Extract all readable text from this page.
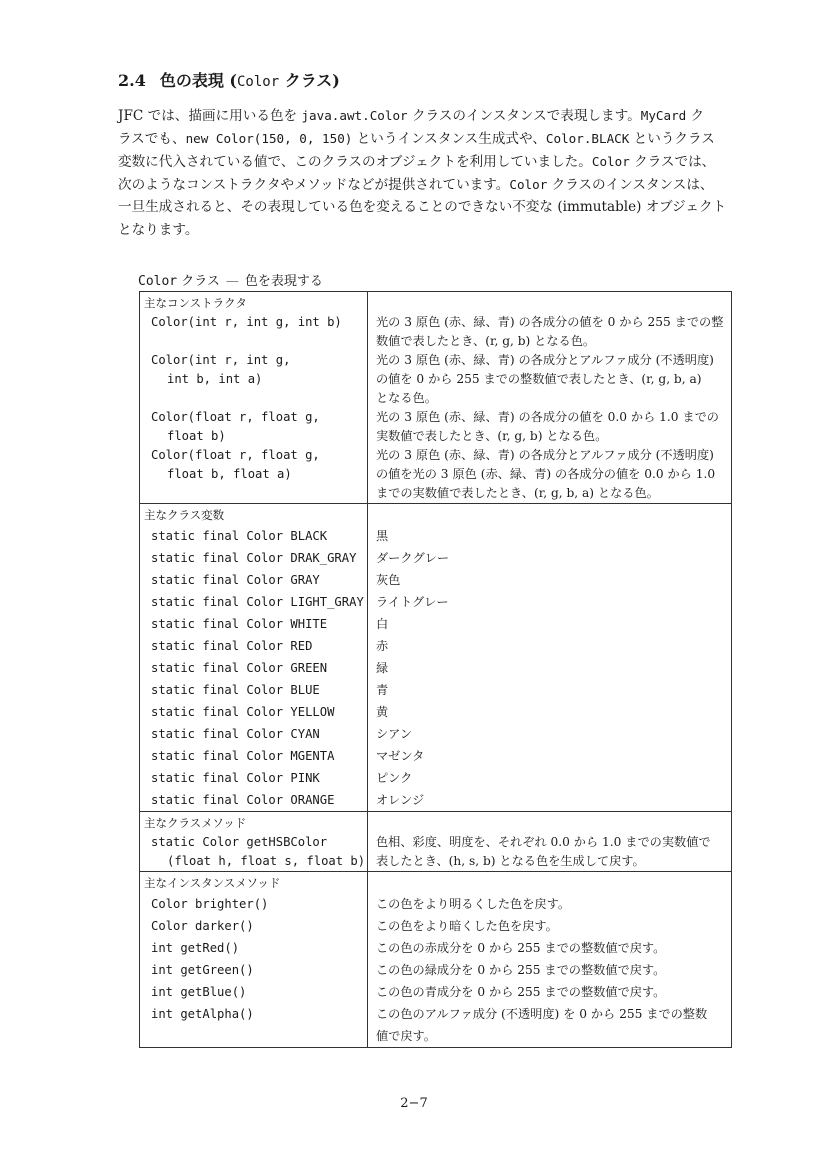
2.4 色の表現 (Color クラス)
JFC では、描画に用いる色を java.awt.Color クラスのインスタンスで表現します。MyCard ク
ラスでも、new Color(150, 0, 150) というインスタンス生成式や、Color.BLACK というクラス
変数に代入されている値で、このクラスのオブジェクトを利用していました。Color クラスでは、
次のようなコンストラクタやメソッドなどが提供されています。Color クラスのインスタンスは、
一旦生成されると、その表現している色を変えることのできない不変な (immutable) オブジェクト
となります。
Color クラス — 色を表現する
主なコンストラクタ	

Color(int r, int g, int b)	光の 3 原色 (赤、緑、青) の各成分の値を 0 から 255 までの整
数値で表したとき、(r, g, b) となる色。

Color(int r, int g,
int b, int a)	光の 3 原色 (赤、緑、青) の各成分とアルファ成分 (不透明度)
の値を 0 から 255 までの整数値で表したとき、(r, g, b, a)
となる色。

Color(float r, float g,
float b)	光の 3 原色 (赤、緑、青) の各成分の値を 0.0 から 1.0 までの
実数値で表したとき、(r, g, b) となる色。

Color(float r, float g,
float b, float a)	光の 3 原色 (赤、緑、青) の各成分とアルファ成分 (不透明度)
の値を光の 3 原色 (赤、緑、青) の各成分の値を 0.0 から 1.0
までの実数値で表したとき、(r, g, b, a) となる色。

主なクラス変数	

static final Color BLACK	黒

static final Color DRAK_GRAY	ダークグレー

static final Color GRAY	灰色

static final Color LIGHT_GRAY	ライトグレー

static final Color WHITE	白

static final Color RED	赤

static final Color GREEN	緑

static final Color BLUE	青

static final Color YELLOW	黄

static final Color CYAN	シアン

static final Color MGENTA	マゼンタ

static final Color PINK	ピンク

static final Color ORANGE	オレンジ

主なクラスメソッド	

static Color getHSBColor
(float h, float s, float b)	色相、彩度、明度を、それぞれ 0.0 から 1.0 までの実数値で
表したとき、(h, s, b) となる色を生成して戻す。

主なインスタンスメソッド	

Color brighter()	この色をより明るくした色を戻す。

Color darker()	この色をより暗くした色を戻す。

int getRed()	この色の赤成分を 0 から 255 までの整数値で戻す。

int getGreen()	この色の緑成分を 0 から 255 までの整数値で戻す。

int getBlue()	この色の青成分を 0 から 255 までの整数値で戻す。

int getAlpha()	この色のアルファ成分 (不透明度) を 0 から 255 までの整数
値で戻す。
2−7
